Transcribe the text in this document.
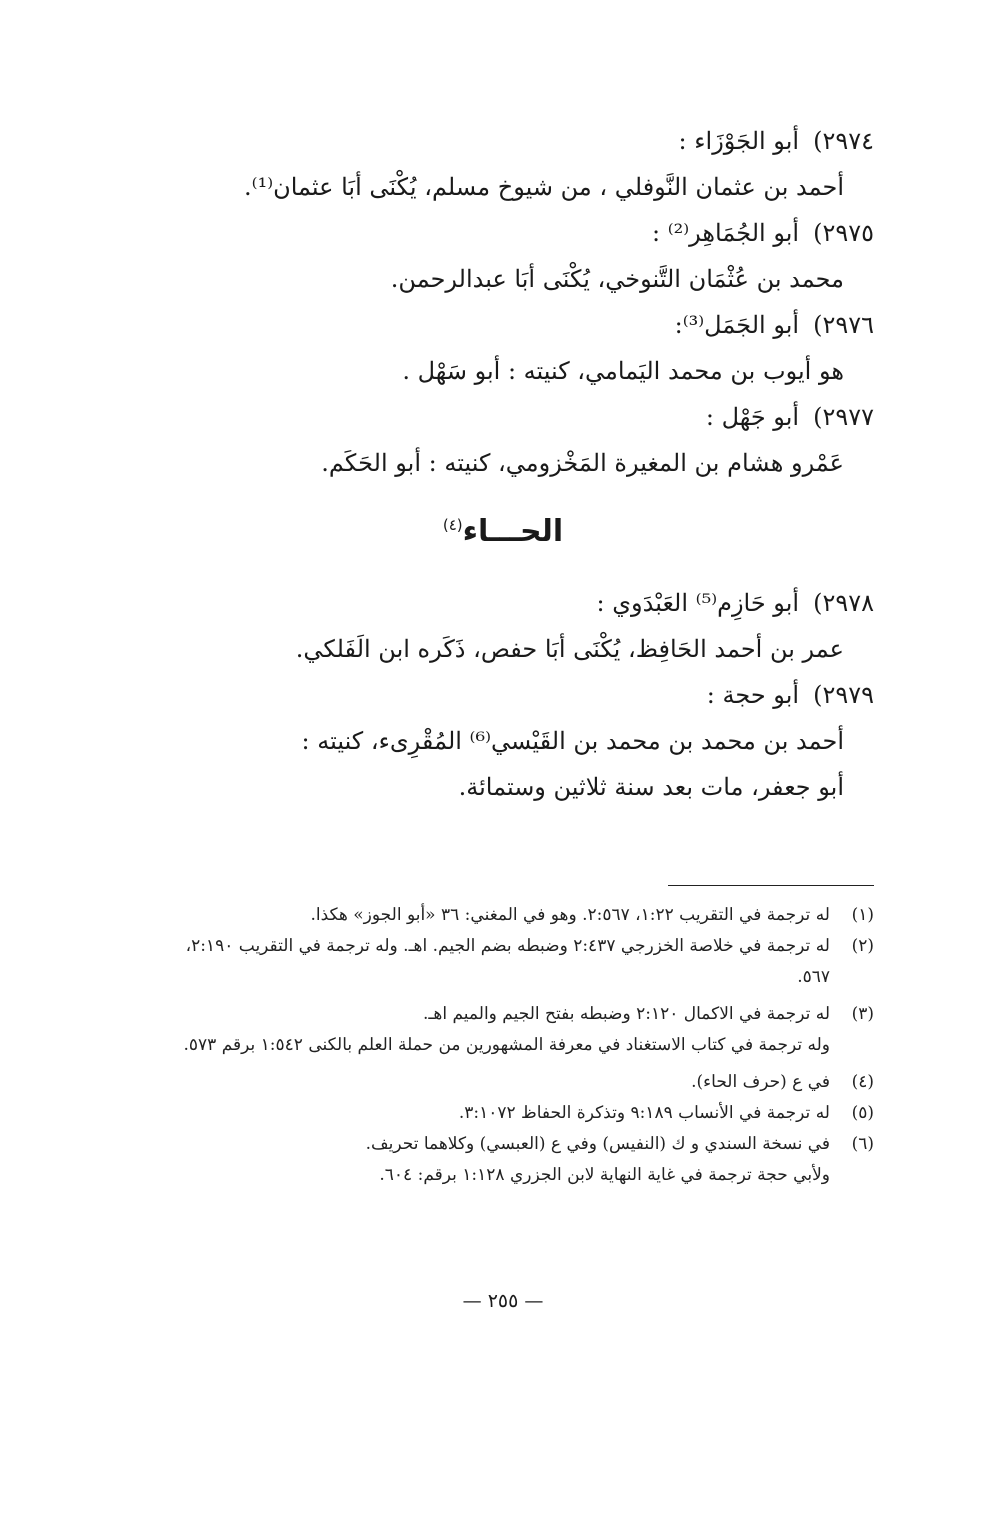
٢٩٧٤)أبو الجَوْزَاء :
أحمد بن عثمان النَّوفلي ، من شيوخ مسلم، يُكْنَى أبَا عثمان⁽¹⁾.
٢٩٧٥)أبو الجُمَاهِر⁽²⁾ :
محمد بن عُثْمَان التَّنوخي، يُكْنَى أبَا عبدالرحمن.
٢٩٧٦)أبو الجَمَل⁽³⁾:
هو أيوب بن محمد اليَمامي، كنيته : أبو سَهْل .
٢٩٧٧)أبو جَهْل :
عَمْرو هشام بن المغيرة المَخْزومي، كنيته : أبو الحَكَم.
الحـــاء$^{(٤)}$
٢٩٧٨)أبو حَازِم⁽⁵⁾ العَبْدَوي :
عمر بن أحمد الحَافِظ، يُكْنَى أبَا حفص، ذَكَره ابن الَفَلكي.
٢٩٧٩)أبو حجة :
أحمد بن محمد بن محمد بن القَيْسي⁽⁶⁾ المُقْرِىء، كنيته :
أبو جعفر، مات بعد سنة ثلاثين وستمائة.
(١)

له ترجمة في التقريب ١:٢٢، ٢:٥٦٧. وهو في المغني: ٣٦ «أبو الجوز» هكذا.

(٢)

له ترجمة في خلاصة الخزرجي ٢:٤٣٧ وضبطه بضم الجيم. اهـ. وله ترجمة في التقريب ٢:١٩٠، ٥٦٧.

(٣)

له ترجمة في الاكمال ٢:١٢٠ وضبطه بفتح الجيم والميم اهـ.

وله ترجمة في كتاب الاستغناد في معرفة المشهورين من حملة العلم بالكنى ١:٥٤٢ برقم ٥٧٣.

(٤)

في ع (حرف الحاء).

(٥)

له ترجمة في الأنساب ٩:١٨٩ وتذكرة الحفاظ ٣:١٠٧٢.

(٦)

في نسخة السندي و ك (النفيس) وفي ع (العبسي) وكلاهما تحريف.

ولأبي حجة ترجمة في غاية النهاية لابن الجزري ١:١٢٨ برقم: ٦٠٤.

— ٢٥٥ —
